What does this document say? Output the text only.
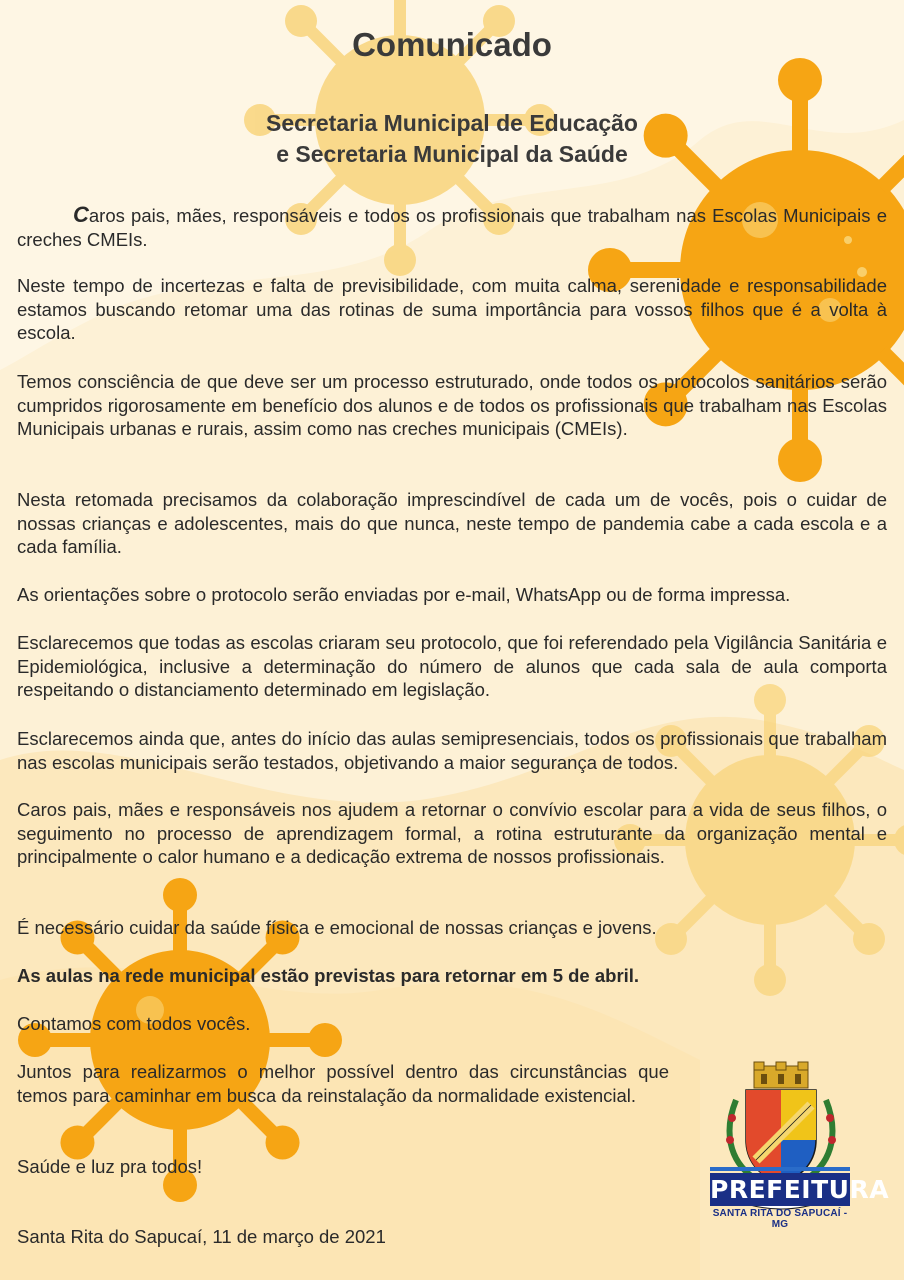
Comunicado
Secretaria Municipal de Educação
e Secretaria Municipal da Saúde

Caros pais, mães, responsáveis e todos os profissionais que trabalham nas Escolas Municipais e creches CMEIs.

Neste tempo de incertezas e falta de previsibilidade, com muita calma, serenidade e responsabilidade estamos buscando retomar uma das rotinas de suma importância para vossos filhos que é a volta à escola.

Temos consciência de que deve ser um processo estruturado, onde todos os protocolos sanitários serão cumpridos rigorosamente em benefício dos alunos e de todos os profissionais que trabalham nas Escolas Municipais urbanas e rurais, assim como nas creches municipais (CMEIs).

Nesta retomada precisamos da colaboração imprescindível de cada um de vocês, pois o cuidar de nossas crianças e adolescentes, mais do que nunca, neste tempo de pandemia cabe a cada escola e a cada família.

As orientações sobre o protocolo serão enviadas por e-mail, WhatsApp ou de forma impressa.

Esclarecemos que todas as escolas criaram seu protocolo, que foi referendado pela Vigilância Sanitária e Epidemiológica, inclusive a determinação do número de alunos que cada sala de aula comporta respeitando o distanciamento determinado em legislação.

Esclarecemos ainda que, antes do início das aulas semipresenciais, todos os profissionais que trabalham nas escolas municipais serão testados, objetivando a maior segurança de todos.

Caros pais, mães e responsáveis nos ajudem a retornar o convívio escolar para a vida de seus filhos, o seguimento no processo de aprendizagem formal, a rotina estruturante da organização mental e principalmente o calor humano e a dedicação extrema de nossos profissionais.

É necessário cuidar da saúde física e emocional de nossas crianças e jovens.

As aulas na rede municipal estão previstas para retornar em 5 de abril.

Contamos com todos vocês.

Juntos para realizarmos o melhor possível dentro das circunstâncias que temos para caminhar em busca da reinstalação da normalidade existencial.

Saúde e luz pra todos!

Santa Rita do Sapucaí, 11 de março de 2021

PREFEITURA
SANTA RITA DO SAPUCAÍ - MG
